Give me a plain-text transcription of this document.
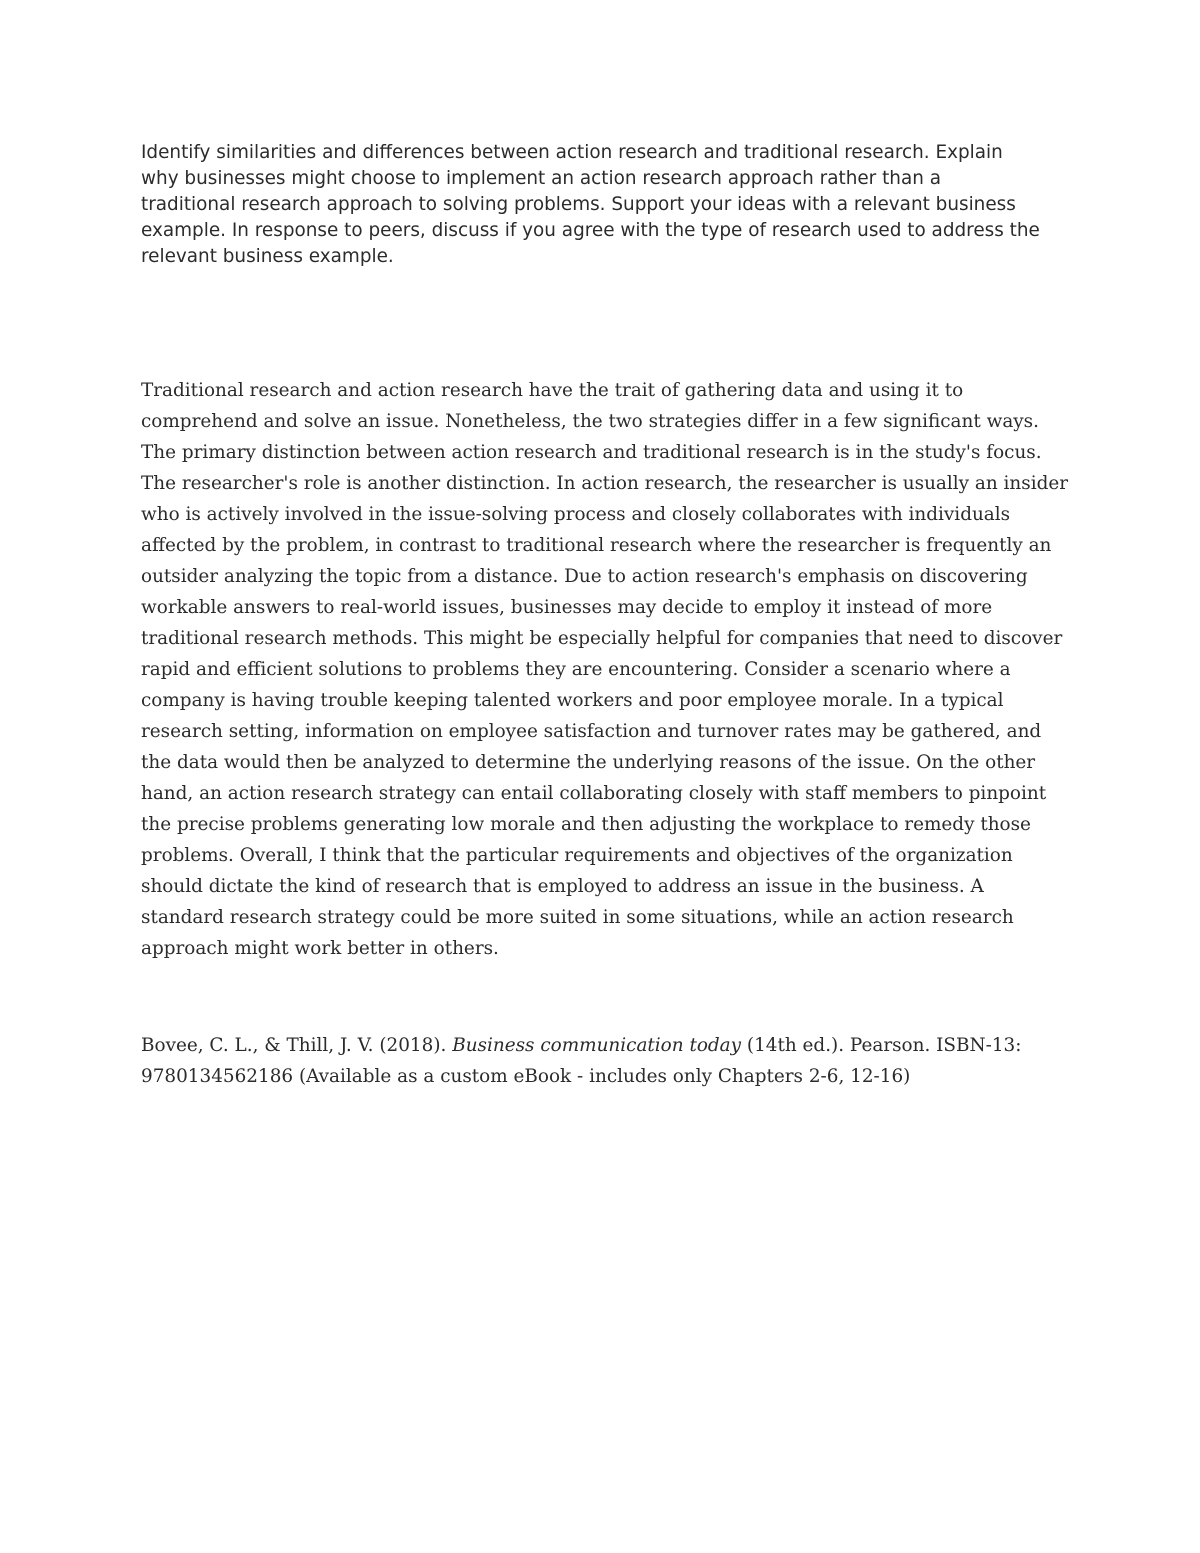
Identify similarities and differences between action research and traditional research. Explain why businesses might choose to implement an action research approach rather than a traditional research approach to solving problems. Support your ideas with a relevant business example. In response to peers, discuss if you agree with the type of research used to address the relevant business example.

Traditional research and action research have the trait of gathering data and using it to comprehend and solve an issue. Nonetheless, the two strategies differ in a few significant ways. The primary distinction between action research and traditional research is in the study's focus. The researcher's role is another distinction. In action research, the researcher is usually an insider who is actively involved in the issue-solving process and closely collaborates with individuals affected by the problem, in contrast to traditional research where the researcher is frequently an outsider analyzing the topic from a distance. Due to action research's emphasis on discovering workable answers to real-world issues, businesses may decide to employ it instead of more traditional research methods. This might be especially helpful for companies that need to discover rapid and efficient solutions to problems they are encountering. Consider a scenario where a company is having trouble keeping talented workers and poor employee morale. In a typical research setting, information on employee satisfaction and turnover rates may be gathered, and the data would then be analyzed to determine the underlying reasons of the issue. On the other hand, an action research strategy can entail collaborating closely with staff members to pinpoint the precise problems generating low morale and then adjusting the workplace to remedy those problems. Overall, I think that the particular requirements and objectives of the organization should dictate the kind of research that is employed to address an issue in the business. A standard research strategy could be more suited in some situations, while an action research approach might work better in others.

Bovee, C. L., & Thill, J. V. (2018). Business communication today (14th ed.). Pearson. ISBN-13: 9780134562186 (Available as a custom eBook - includes only Chapters 2-6, 12-16)
